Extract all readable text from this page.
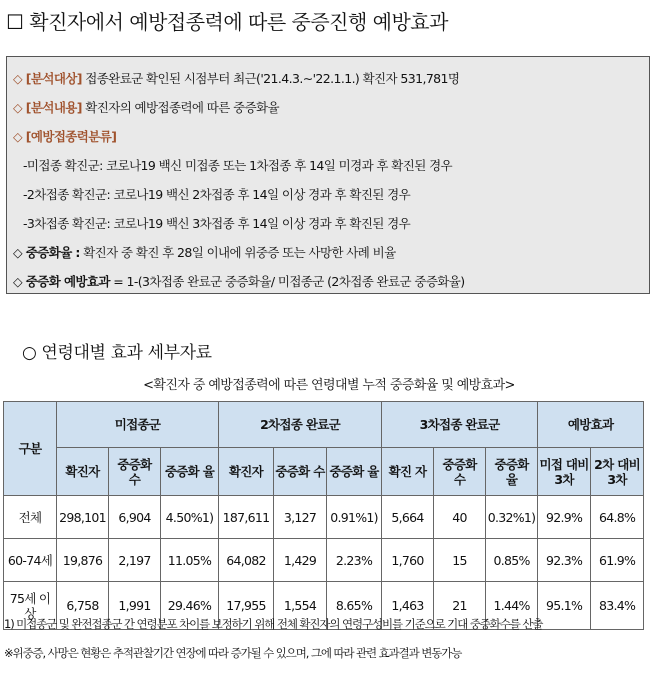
☐ 확진자에서 예방접종력에 따른 중증진행 예방효과
◇ [분석대상] 접종완료군 확인된 시점부터 최근('21.4.3.∼'22.1.1.) 확진자 531,781명
◇ [분석내용] 확진자의 예방접종력에 따른 중증화율
◇ [예방접종력분류]
-미접종 확진군: 코로나19 백신 미접종 또는 1차접종 후 14일 미경과 후 확진된 경우
-2차접종 확진군: 코로나19 백신 2차접종 후 14일 이상 경과 후 확진된 경우
-3차접종 확진군: 코로나19 백신 3차접종 후 14일 이상 경과 후 확진된 경우
◇ 중증화율 : 확진자 중 확진 후 28일 이내에 위중증 또는 사망한 사례 비율
◇ 중증화 예방효과 = 1-(3차접종 완료군 중증화율/ 미접종군 (2차접종 완료군 중증화율)
○ 연령대별 효과 세부자료
<확진자 중 예방접종력에 따른 연령대별 누적 중증화율 및 예방효과>
구분	미접종군			2차접종 완료군			3차접종 완료군			예방효과	
	확진자	중증화 수	중증화 율	확진자	중증화 수	중증화 율	확진 자	중증화 수	중증화 율	미접 대비 3차	2차 대비 3차
전체	298,101	6,904	4.50%1)	187,611	3,127	0.91%1)	5,664	40	0.32%1)	92.9%	64.8%
60-74세	19,876	2,197	11.05%	64,082	1,429	2.23%	1,760	15	0.85%	92.3%	61.9%
75세 이상	6,758	1,991	29.46%	17,955	1,554	8.65%	1,463	21	1.44%	95.1%	83.4%
1) 미접종군 및 완전접종군 간 연령분포 차이를 보정하기 위해 전체 확진자의 연령구성비를 기준으로 기대 중증화수를 산출
※위중증, 사망은 현황은 추적관찰기간 연장에 따라 증가될 수 있으며, 그에 따라 관련 효과결과 변동가능
